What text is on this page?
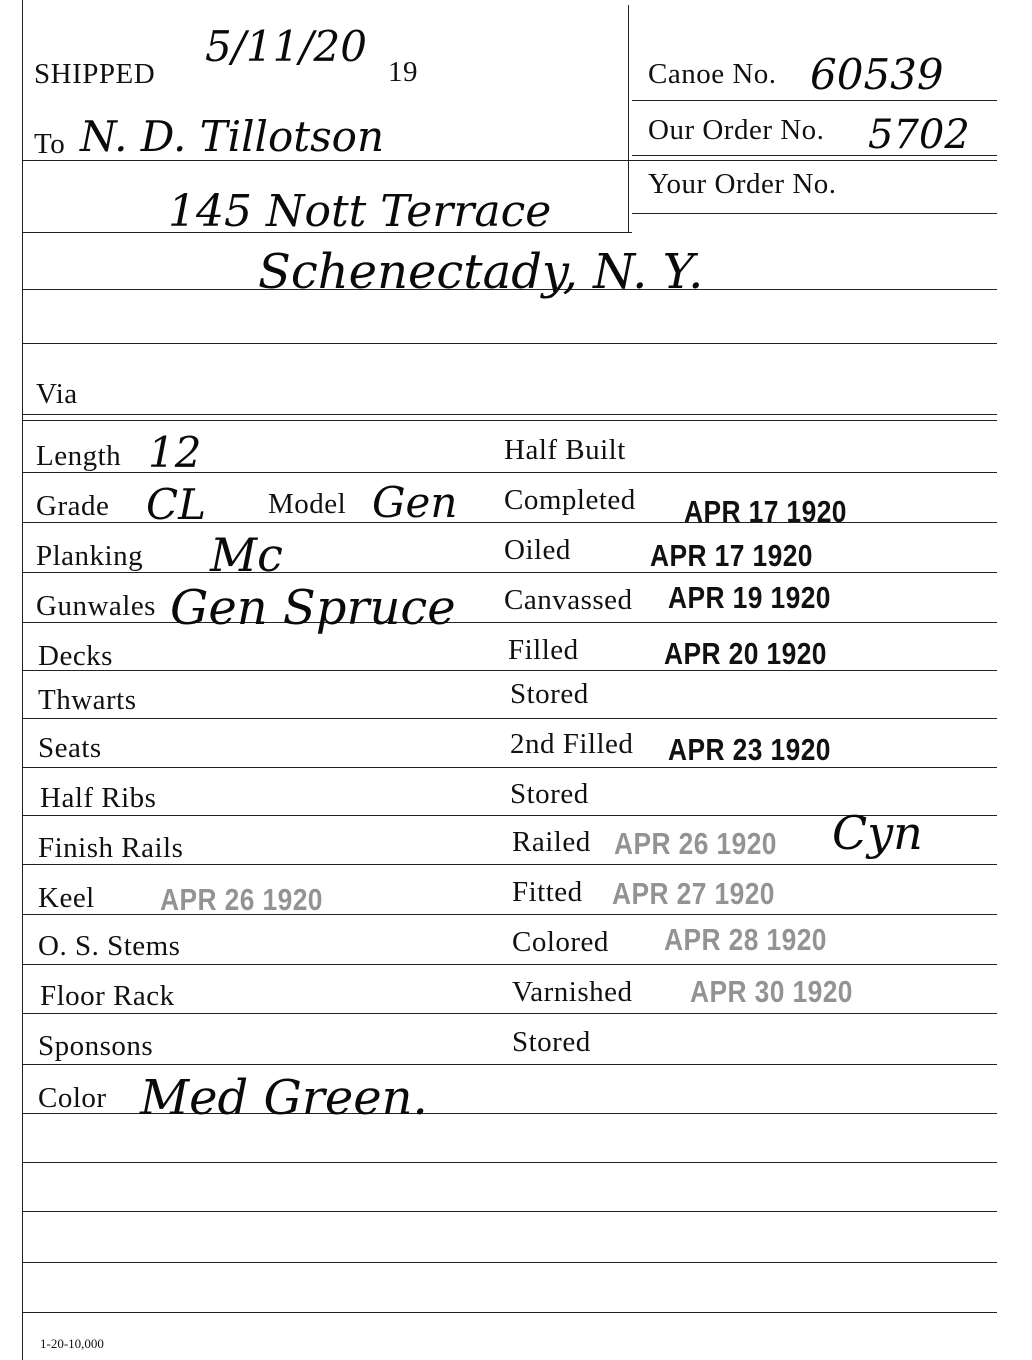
SHIPPED
5/11/20
19
To N. D. Tillotson
145 Nott Terrace
Schenectady, N. Y.
Canoe No. 60539
Our Order No. 5702
Your Order No.
Via
Length 12
Grade CL Model Gen
Planking Mc
Gunwales Gen Spruce
Decks
Thwarts
Seats
Half Ribs
Finish Rails
Keel APR 26 1920
O. S. Stems
Floor Rack
Sponsons
Color Med Green.
Half Built
Completed APR 17 1920
Oiled	APR 17 1920
Canvassed APR 19 1920
Filled	APR 20 1920
Stored
2nd Filled APR 23 1920
Stored
Railed APR 26 1920 Cyn
Fitted APR 27 1920
Colored APR 28 1920
Varnished APR 30 1920
Stored
1-20-10,000
